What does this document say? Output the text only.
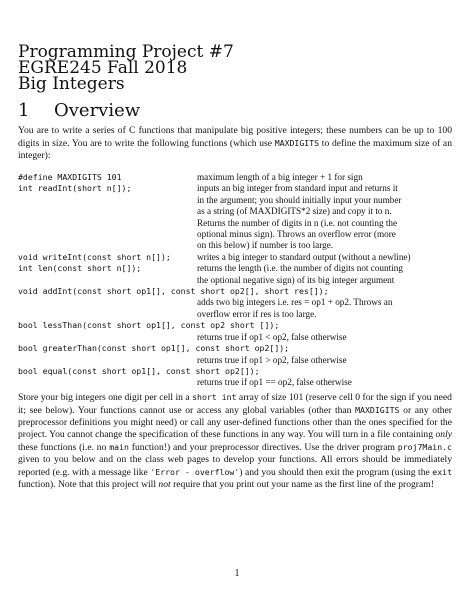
Programming Project #7
EGRE245 Fall 2018
Big Integers
1 Overview
You are to write a series of C functions that manipulate big positive integers; these numbers can be up to 100 digits in size. You are to write the following functions (which use MAXDIGITS to define the maximum size of an integer):
#define MAXDIGITS 101	maximum length of a big integer + 1 for sign
int readInt(short n[]);	inputs an big integer from standard input and returns it
in the argument; you should initially input your number
as a string (of MAXDIGITS*2 size) and copy it to n.
Returns the number of digits in n (i.e. not counting the
optional minus sign). Throws an overflow error (more
on this below) if number is too large.
void writeInt(const short n[]);	writes a big integer to standard output (without a newline)
int len(const short n[]);	returns the length (i.e. the number of digits not counting
the optional negative sign) of its big integer argument
void addInt(const short op1[], const short op2[], short res[]);
adds two big integers i.e. res = op1 + op2. Throws an
overflow error if res is too large.
bool lessThan(const short op1[], const op2 short []);
returns true if op1 < op2, false otherwise
bool greaterThan(const short op1[], const short op2[]);
returns true if op1 > op2, false otherwise
bool equal(const short op1[], const short op2[]);
returns true if op1 == op2, false otherwise
Store your big integers one digit per cell in a short int array of size 101 (reserve cell 0 for the sign if you need it; see below). Your functions cannot use or access any global variables (other than MAXDIGITS or any other preprocessor definitions you might need) or call any user-defined functions other than the ones specified for the project. You cannot change the specification of these functions in any way. You will turn in a file containing only these functions (i.e. no main function!) and your preprocessor directives. Use the driver program proj7Main.c given to you below and on the class web pages to develop your functions. All errors should be immediately reported (e.g. with a message like 'Error - overflow') and you should then exit the program (using the exit function). Note that this project will not require that you print out your name as the first line of the program!
1
